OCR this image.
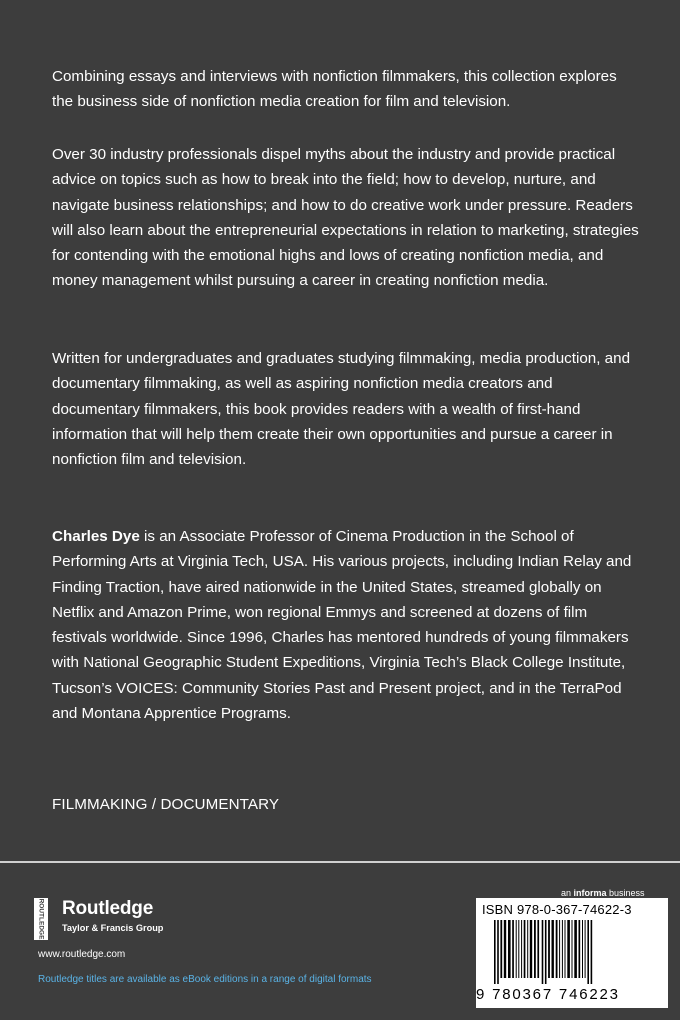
Combining essays and interviews with nonfiction filmmakers, this collection explores the business side of nonfiction media creation for film and television.

Over 30 industry professionals dispel myths about the industry and provide practical advice on topics such as how to break into the field; how to develop, nurture, and navigate business relationships; and how to do creative work under pressure. Readers will also learn about the entrepreneurial expectations in relation to marketing, strategies for contending with the emotional highs and lows of creating nonfiction media, and money management whilst pursuing a career in creating nonfiction media.

Written for undergraduates and graduates studying filmmaking, media production, and documentary filmmaking, as well as aspiring nonfiction media creators and documentary filmmakers, this book provides readers with a wealth of first-hand information that will help them create their own opportunities and pursue a career in nonfiction film and television.

Charles Dye is an Associate Professor of Cinema Production in the School of Performing Arts at Virginia Tech, USA. His various projects, including Indian Relay and Finding Traction, have aired nationwide in the United States, streamed globally on Netflix and Amazon Prime, won regional Emmys and screened at dozens of film festivals worldwide. Since 1996, Charles has mentored hundreds of young filmmakers with National Geographic Student Expeditions, Virginia Tech’s Black College Institute, Tucson’s VOICES: Community Stories Past and Present project, and in the TerraPod and Montana Apprentice Programs.

FILMMAKING / DOCUMENTARY

ROUTLEDGE Routledge
Taylor & Francis Group
www.routledge.com
Routledge titles are available as eBook editions in a range of digital formats
an informa business
ISBN 978-0-367-74622-3
9 780367 746223
